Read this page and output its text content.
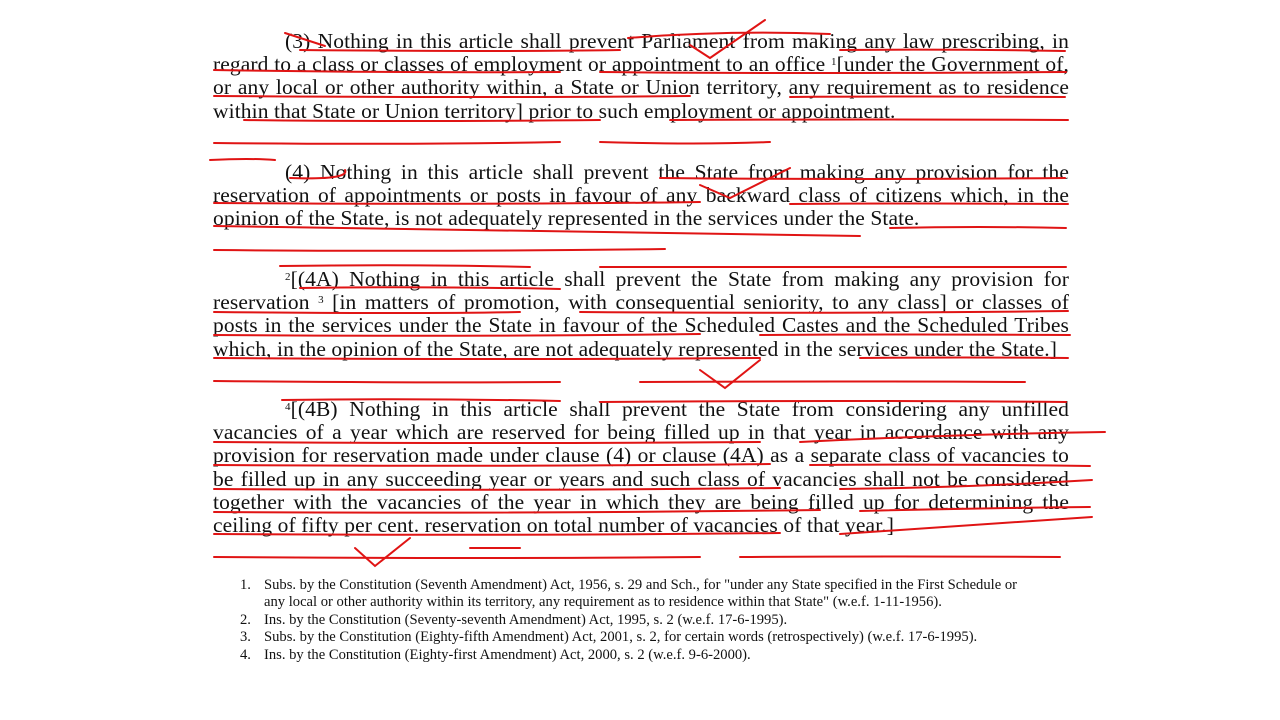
(3) Nothing in this article shall prevent Parliament from making any law prescribing, in regard to a class or classes of employment or appointment to an office $^1$[under the Government of, or any local or other authority within, a State or Union territory, any requirement as to residence within that State or Union territory] prior to such employment or appointment.
(4) Nothing in this article shall prevent the State from making any provision for the reservation of appointments or posts in favour of any backward class of citizens which, in the opinion of the State, is not adequately represented in the services under the State.
$^2$[(4A) Nothing in this article shall prevent the State from making any provision for reservation $^3$ [in matters of promotion, with consequential seniority, to any class] or classes of posts in the services under the State in favour of the Scheduled Castes and the Scheduled Tribes which, in the opinion of the State, are not adequately represented in the services under the State.]
$^4$[(4B) Nothing in this article shall prevent the State from considering any unfilled vacancies of a year which are reserved for being filled up in that year in accordance with any provision for reservation made under clause (4) or clause (4A) as a separate class of vacancies to be filled up in any succeeding year or years and such class of vacancies shall not be considered together with the vacancies of the year in which they are being filled up for determining the ceiling of fifty per cent. reservation on total number of vacancies of that year.]
1. Subs. by the Constitution (Seventh Amendment) Act, 1956, s. 29 and Sch., for "under any State specified in the First Schedule or any local or other authority within its territory, any requirement as to residence within that State" (w.e.f. 1-11-1956).
2. Ins. by the Constitution (Seventy-seventh Amendment) Act, 1995, s. 2 (w.e.f. 17-6-1995).
3. Subs. by the Constitution (Eighty-fifth Amendment) Act, 2001, s. 2, for certain words (retrospectively) (w.e.f. 17-6-1995).
4. Ins. by the Constitution (Eighty-first Amendment) Act, 2000, s. 2 (w.e.f. 9-6-2000).
